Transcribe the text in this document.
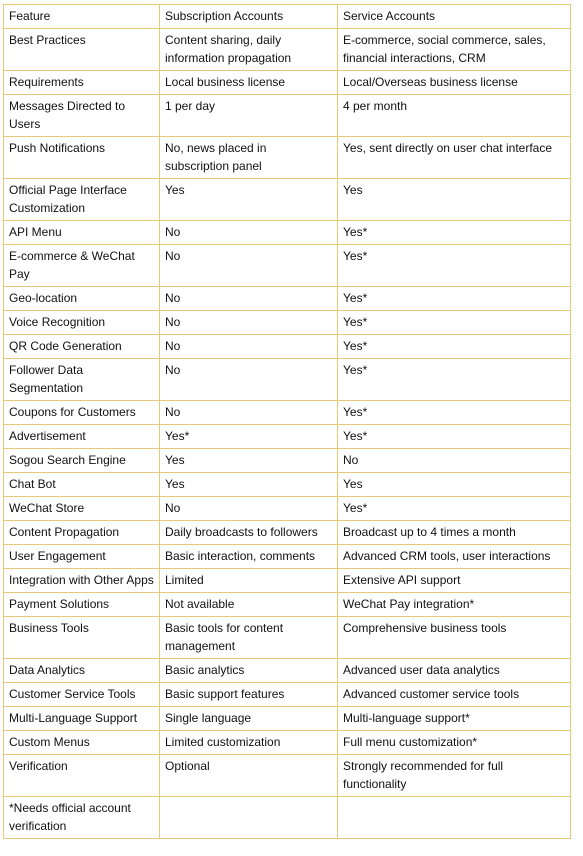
Feature	Subscription Accounts	Service Accounts
Best Practices	Content sharing, daily information propagation	E-commerce, social commerce, sales, financial interactions, CRM
Requirements	Local business license	Local/Overseas business license
Messages Directed to Users	1 per day	4 per month
Push Notifications	No, news placed in subscription panel	Yes, sent directly on user chat interface
Official Page Interface Customization	Yes	Yes
API Menu	No	Yes*
E-commerce & WeChat Pay	No	Yes*
Geo-location	No	Yes*
Voice Recognition	No	Yes*
QR Code Generation	No	Yes*
Follower Data Segmentation	No	Yes*
Coupons for Customers	No	Yes*
Advertisement	Yes*	Yes*
Sogou Search Engine	Yes	No
Chat Bot	Yes	Yes
WeChat Store	No	Yes*
Content Propagation	Daily broadcasts to followers	Broadcast up to 4 times a month
User Engagement	Basic interaction, comments	Advanced CRM tools, user interactions
Integration with Other Apps	Limited	Extensive API support
Payment Solutions	Not available	WeChat Pay integration*
Business Tools	Basic tools for content management	Comprehensive business tools
Data Analytics	Basic analytics	Advanced user data analytics
Customer Service Tools	Basic support features	Advanced customer service tools
Multi-Language Support	Single language	Multi-language support*
Custom Menus	Limited customization	Full menu customization*
Verification	Optional	Strongly recommended for full functionality
*Needs official account verification		
